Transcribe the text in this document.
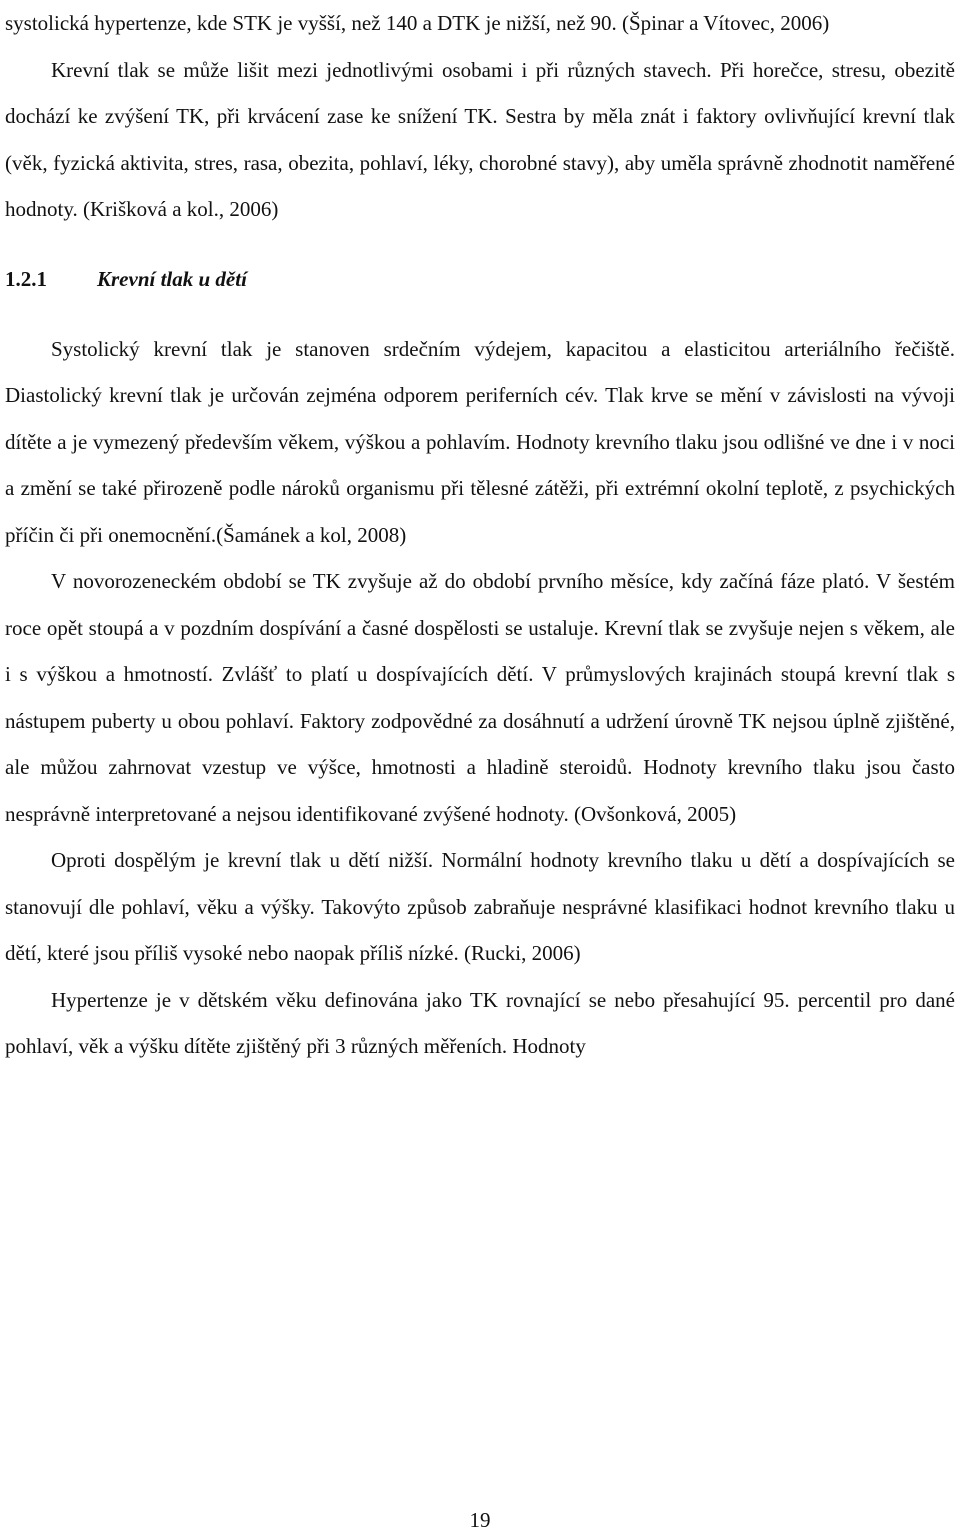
systolická hypertenze, kde STK je vyšší, než 140 a DTK je nižší, než 90. (Špinar a Vítovec, 2006)

Krevní tlak se může lišit mezi jednotlivými osobami i při různých stavech. Při horečce, stresu, obezitě dochází ke zvýšení TK, při krvácení zase ke snížení TK. Sestra by měla znát i faktory ovlivňující krevní tlak (věk, fyzická aktivita, stres, rasa, obezita, pohlaví, léky, chorobné stavy), aby uměla správně zhodnotit naměřené hodnoty. (Krišková a kol., 2006)

1.2.1 Krevní tlak u dětí

Systolický krevní tlak je stanoven srdečním výdejem, kapacitou a elasticitou arteriálního řečiště. Diastolický krevní tlak je určován zejména odporem periferních cév. Tlak krve se mění v závislosti na vývoji dítěte a je vymezený především věkem, výškou a pohlavím. Hodnoty krevního tlaku jsou odlišné ve dne i v noci a změní se také přirozeně podle nároků organismu při tělesné zátěži, při extrémní okolní teplotě, z psychických příčin či při onemocnění.(Šamánek a kol, 2008)

V novorozeneckém období se TK zvyšuje až do období prvního měsíce, kdy začíná fáze plató. V šestém roce opět stoupá a v pozdním dospívání a časné dospělosti se ustaluje. Krevní tlak se zvyšuje nejen s věkem, ale i s výškou a hmotností. Zvlášť to platí u dospívajících dětí. V průmyslových krajinách stoupá krevní tlak s nástupem puberty u obou pohlaví. Faktory zodpovědné za dosáhnutí a udržení úrovně TK nejsou úplně zjištěné, ale můžou zahrnovat vzestup ve výšce, hmotnosti a hladině steroidů. Hodnoty krevního tlaku jsou často nesprávně interpretované a nejsou identifikované zvýšené hodnoty. (Ovšonková, 2005)

Oproti dospělým je krevní tlak u dětí nižší. Normální hodnoty krevního tlaku u dětí a dospívajících se stanovují dle pohlaví, věku a výšky. Takovýto způsob zabraňuje nesprávné klasifikaci hodnot krevního tlaku u dětí, které jsou příliš vysoké nebo naopak příliš nízké. (Rucki, 2006)

Hypertenze je v dětském věku definována jako TK rovnající se nebo přesahující 95. percentil pro dané pohlaví, věk a výšku dítěte zjištěný při 3 různých měřeních. Hodnoty

19
